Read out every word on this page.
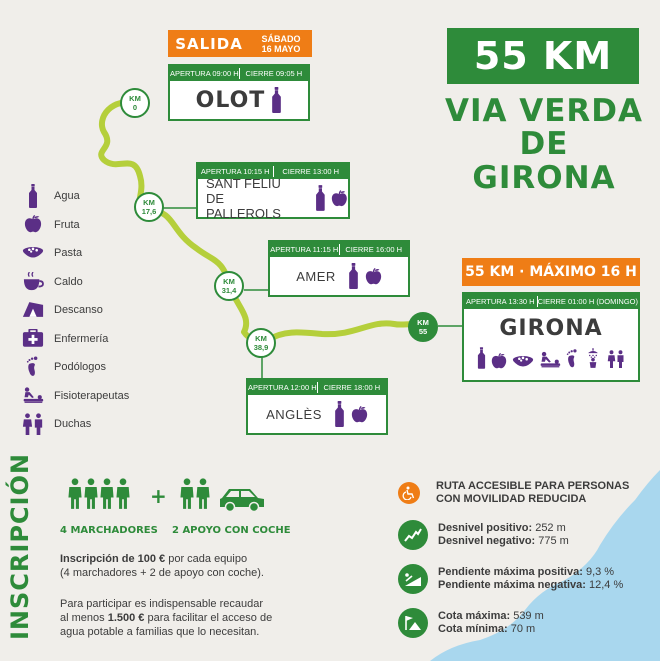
55 KM
VIA VERDA
DE GIRONA
SALIDA	SÁBADO
16 MAYO
APERTURA 09:00 H CIERRE 09:05 H
OLOT
APERTURA 10:15 H	CIERRE 13:00 H
SANT FELIU
DE PALLEROLS
APERTURA 11:15 H CIERRE 16:00 H
AMER
APERTURA 12:00 H CIERRE 18:00 H
ANGLÈS
55 KM · MÁXIMO 16 H
APERTURA 13:30 H CIERRE 01:00 H (DOMINGO)
GIRONA
KM
0
KM
17,6
KM
31,4
KM
38,9
KM
55
Agua
Fruta
Pasta
Caldo
Descanso
Enfermería
Podólogos
Fisioterapeutas
Duchas
INSCRIPCIÓN	+
4 MARCHADORES 2 APOYO CON COCHE
Inscripción de 100 € por cada equipo
(4 marchadores + 2 de apoyo con coche).
Para participar es indispensable recaudar
al menos 1.500 € para facilitar el acceso de
agua potable a familias que lo necesitan.
RUTA ACCESIBLE PARA PERSONAS
CON MOVILIDAD REDUCIDA
Desnivel positivo: 252 m
Desnivel negativo: 775 m
Pendiente máxima positiva: 9,3 %
Pendiente máxima negativa: 12,4 %
Cota máxima: 539 m
Cota mínima: 70 m
